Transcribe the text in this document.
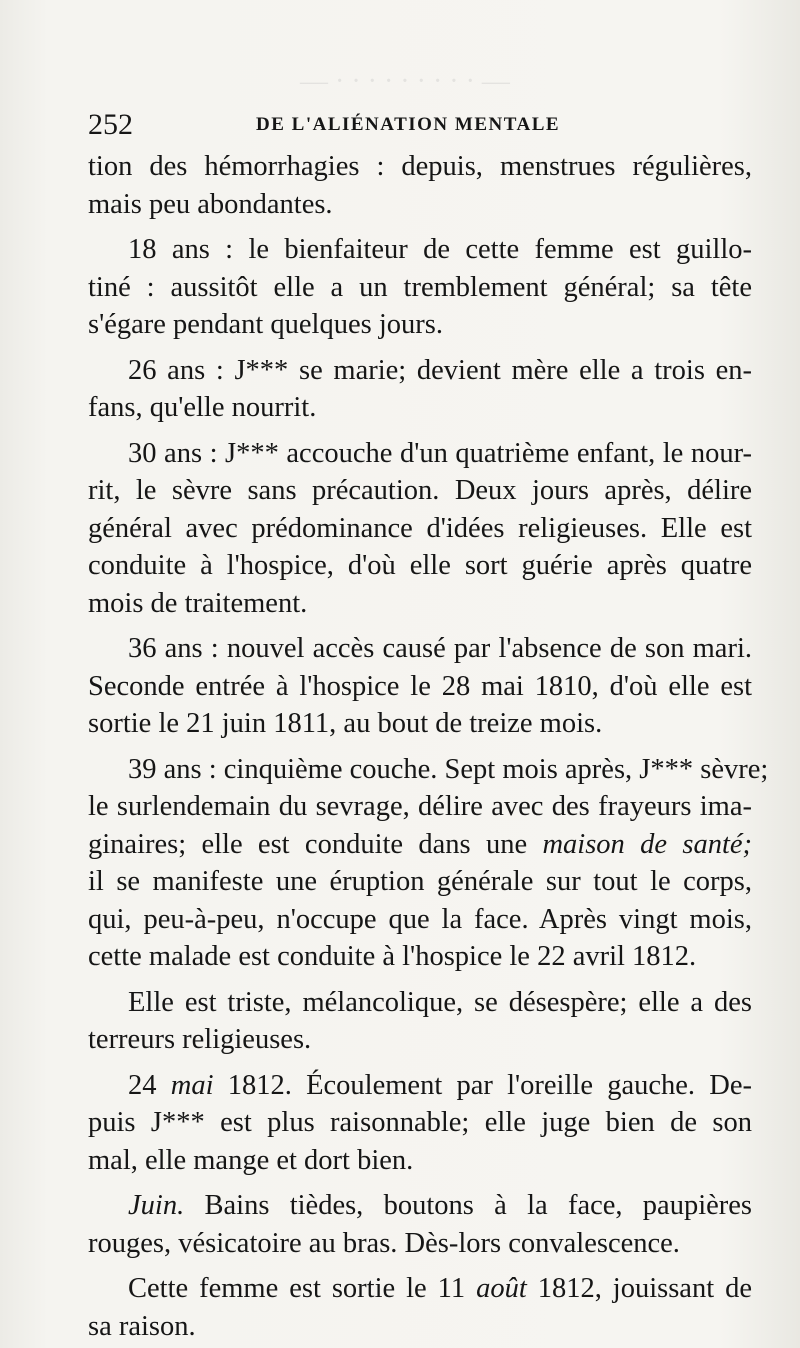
— · · · · · · · · · —
252	DE L'ALIÉNATION MENTALE

tion des hémorrhagies : depuis, menstrues régulières,
mais peu abondantes.

18 ans : le bienfaiteur de cette femme est guillo-
tiné : aussitôt elle a un tremblement général; sa tête
s'égare pendant quelques jours.

26 ans : J*** se marie; devient mère elle a trois en-
fans, qu'elle nourrit.

30 ans : J*** accouche d'un quatrième enfant, le nour-
rit, le sèvre sans précaution. Deux jours après, délire
général avec prédominance d'idées religieuses. Elle est
conduite à l'hospice, d'où elle sort guérie après quatre
mois de traitement.

36 ans : nouvel accès causé par l'absence de son mari.
Seconde entrée à l'hospice le 28 mai 1810, d'où elle est
sortie le 21 juin 1811, au bout de treize mois.

39 ans : cinquième couche. Sept mois après, J*** sèvre;
le surlendemain du sevrage, délire avec des frayeurs ima-
ginaires; elle est conduite dans une maison de santé;
il se manifeste une éruption générale sur tout le corps,
qui, peu-à-peu, n'occupe que la face. Après vingt mois,
cette malade est conduite à l'hospice le 22 avril 1812.

Elle est triste, mélancolique, se désespère; elle a des
terreurs religieuses.

24 mai 1812. Écoulement par l'oreille gauche. De-
puis J*** est plus raisonnable; elle juge bien de son
mal, elle mange et dort bien.

Juin. Bains tièdes, boutons à la face, paupières
rouges, vésicatoire au bras. Dès-lors convalescence.

Cette femme est sortie le 11 août 1812, jouissant de
sa raison.
